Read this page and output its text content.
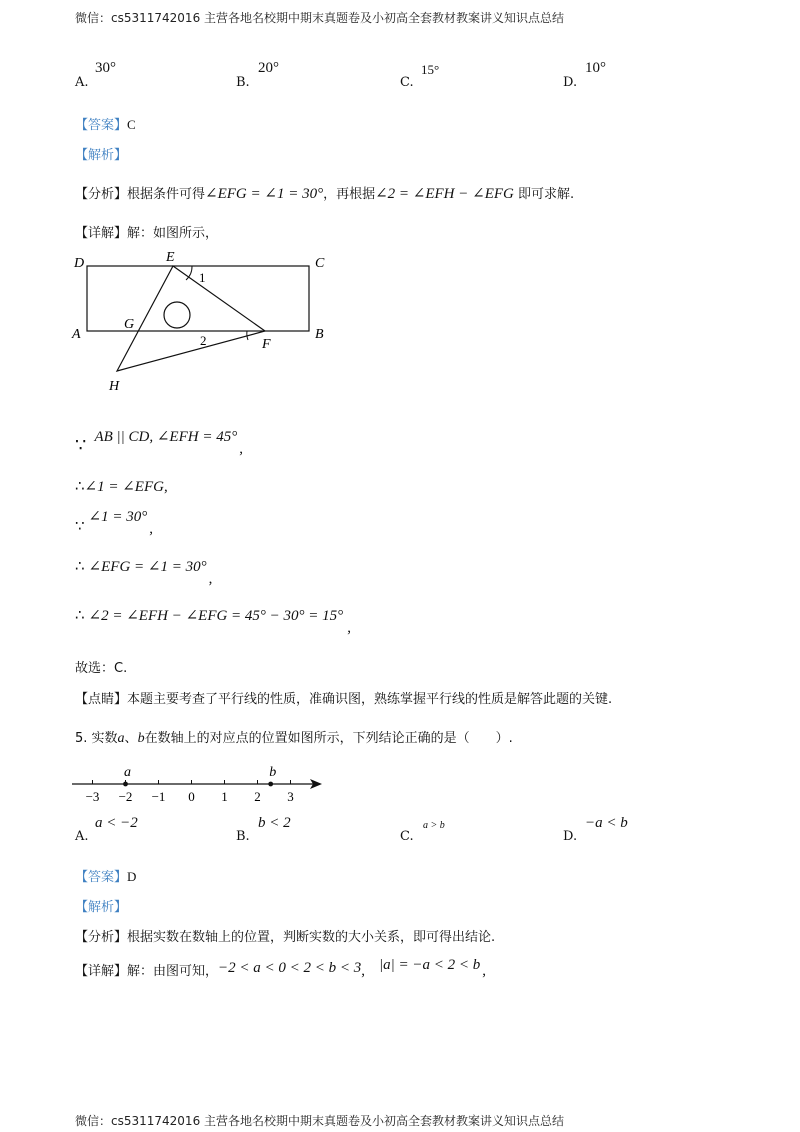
微信：cs5311742016 主营各地名校期中期末真题卷及小初高全套教材教案讲义知识点总结
A.
30°
B.
20°
C.
15°
D.
10°
【答案】C
【解析】
【分析】根据条件可得∠EFG = ∠1 = 30°，再根据∠2 = ∠EFH − ∠EFG 即可求解.
【详解】解：如图所示，
D	E	C
A
G
B
F
H
1
2
∵ AB || CD, ∠EFH = 45°,
∴∠1 = ∠EFG,
∵ ∠1 = 30°,
∴ ∠EFG = ∠1 = 30°,
∴ ∠2 = ∠EFH − ∠EFG = 45° − 30° = 15°,
故选：C.
【点睛】本题主要考查了平行线的性质，准确识图，熟练掌握平行线的性质是解答此题的关键.
5. 实数a、b在数轴上的对应点的位置如图所示，下列结论正确的是（　　）.
−3 −2 −1 0 1 2 3
a	b
A.
a < −2
B.
b < 2
C.
a > b
D.
−a < b
【答案】D
【解析】
【分析】根据实数在数轴上的位置，判断实数的大小关系，即可得出结论.
【详解】解：由图可知，−2 < a < 0 < 2 < b < 3, |a| = −a < 2 < b ,
微信：cs5311742016 主营各地名校期中期末真题卷及小初高全套教材教案讲义知识点总结
